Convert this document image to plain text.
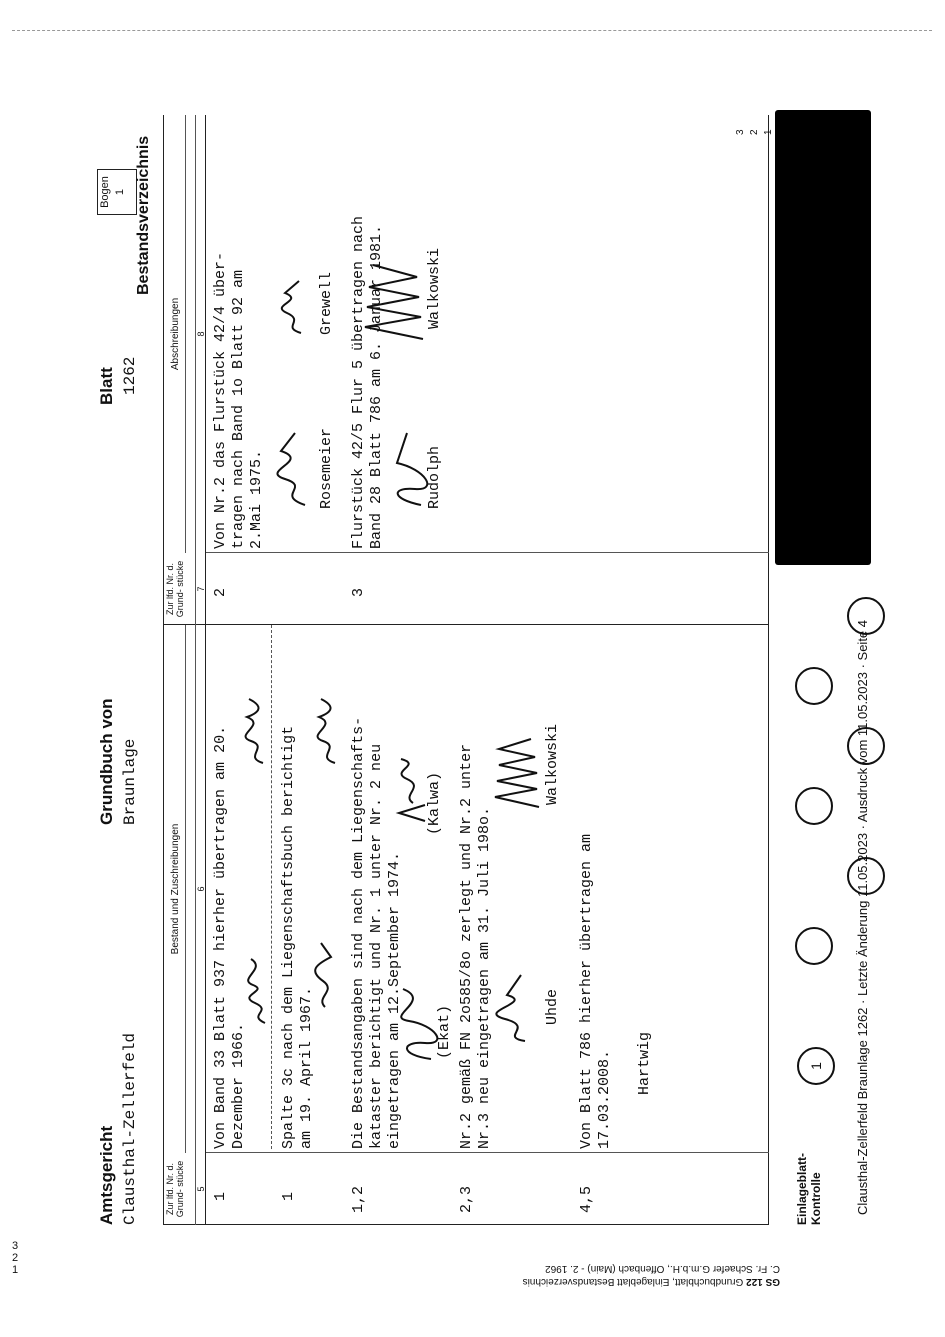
Amtsgericht Clausthal-Zellerfeld
Grundbuch von Braunlage
Blatt 1262
Bogen 1 Bestandsverzeichnis
Zur lfd. Nr. d. Grund- stücke 5
Bestand und Zuschreibungen 6
Zur lfd. Nr. d. Grund- stücke 7
Abschreibungen 8
1
Von Band 33 Blatt 937 hierher übertragen am 20. Dezember 1966.
1
Spalte 3c nach dem Liegenschaftsbuch berichtigt am 19. April 1967.
1,2
Die Bestandsangaben sind nach dem Liegenschafts- kataster berichtigt und Nr. 1 unter Nr. 2 neu eingetragen am 12.September 1974.
(Kalwa)
(Ekat)
2,3
Nr.2 gemäß FN 2o585/8o zerlegt und Nr.2 unter Nr.3 neu eingetragen am 31. Juli 198o.
Walkowski
Uhde
4,5
Von Blatt 786 hierher übertragen am 17.03.2008. Hartwig
2
Von Nr.2 das Flurstück 42/4 über- tragen nach Band 1o Blatt 92 am 2.Mai 1975.
Grewell
Rosemeier
3
Flurstück 42/5 Flur 5 übertragen nach Band 28 Blatt 786 am 6. Januar 1981.	Walkowski
Rudolph
Einlageblatt-Kontrolle
1	Clausthal-Zellerfeld Braunlage 1262 · Letzte Änderung 11.05.2023 · Ausdruck vom 11.05.2023 · Seite 4
3 2 1
3
2
1
GS 122 Grundbuchblatt, Einlageblatt Bestandsverzeichnis
C. Fr. Schaefer G.m.b.H., Offenbach (Main) - 2. 1962
